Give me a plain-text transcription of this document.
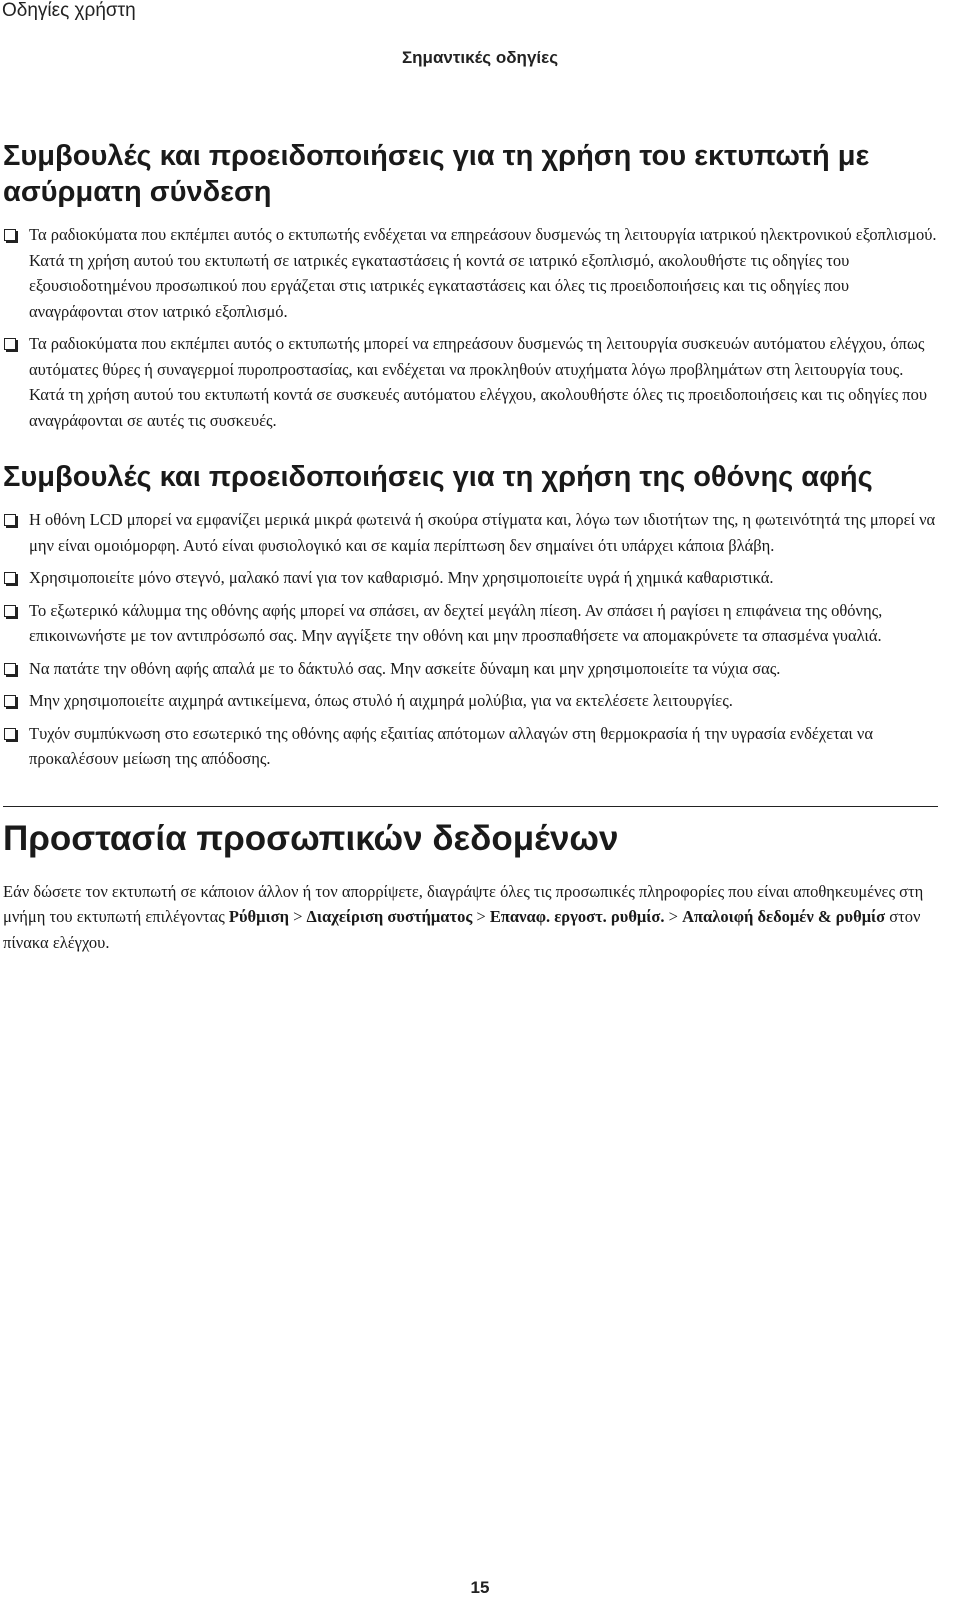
Οδηγίες χρήστη
Σημαντικές οδηγίες
Συμβουλές και προειδοποιήσεις για τη χρήση του εκτυπωτή με ασύρματη σύνδεση
Τα ραδιοκύματα που εκπέμπει αυτός ο εκτυπωτής ενδέχεται να επηρεάσουν δυσμενώς τη λειτουργία ιατρικού ηλεκτρονικού εξοπλισμού. Κατά τη χρήση αυτού του εκτυπωτή σε ιατρικές εγκαταστάσεις ή κοντά σε ιατρικό εξοπλισμό, ακολουθήστε τις οδηγίες του εξουσιοδοτημένου προσωπικού που εργάζεται στις ιατρικές εγκαταστάσεις και όλες τις προειδοποιήσεις και τις οδηγίες που αναγράφονται στον ιατρικό εξοπλισμό.
Τα ραδιοκύματα που εκπέμπει αυτός ο εκτυπωτής μπορεί να επηρεάσουν δυσμενώς τη λειτουργία συσκευών αυτόματου ελέγχου, όπως αυτόματες θύρες ή συναγερμοί πυροπροστασίας, και ενδέχεται να προκληθούν ατυχήματα λόγω προβλημάτων στη λειτουργία τους. Κατά τη χρήση αυτού του εκτυπωτή κοντά σε συσκευές αυτόματου ελέγχου, ακολουθήστε όλες τις προειδοποιήσεις και τις οδηγίες που αναγράφονται σε αυτές τις συσκευές.
Συμβουλές και προειδοποιήσεις για τη χρήση της οθόνης αφής
Η οθόνη LCD μπορεί να εμφανίζει μερικά μικρά φωτεινά ή σκούρα στίγματα και, λόγω των ιδιοτήτων της, η φωτεινότητά της μπορεί να μην είναι ομοιόμορφη. Αυτό είναι φυσιολογικό και σε καμία περίπτωση δεν σημαίνει ότι υπάρχει κάποια βλάβη.
Χρησιμοποιείτε μόνο στεγνό, μαλακό πανί για τον καθαρισμό. Μην χρησιμοποιείτε υγρά ή χημικά καθαριστικά.
Το εξωτερικό κάλυμμα της οθόνης αφής μπορεί να σπάσει, αν δεχτεί μεγάλη πίεση. Αν σπάσει ή ραγίσει η επιφάνεια της οθόνης, επικοινωνήστε με τον αντιπρόσωπό σας. Μην αγγίξετε την οθόνη και μην προσπαθήσετε να απομακρύνετε τα σπασμένα γυαλιά.
Να πατάτε την οθόνη αφής απαλά με το δάκτυλό σας. Μην ασκείτε δύναμη και μην χρησιμοποιείτε τα νύχια σας.
Μην χρησιμοποιείτε αιχμηρά αντικείμενα, όπως στυλό ή αιχμηρά μολύβια, για να εκτελέσετε λειτουργίες.
Τυχόν συμπύκνωση στο εσωτερικό της οθόνης αφής εξαιτίας απότομων αλλαγών στη θερμοκρασία ή την υγρασία ενδέχεται να προκαλέσουν μείωση της απόδοσης.
Προστασία προσωπικών δεδομένων

Εάν δώσετε τον εκτυπωτή σε κάποιον άλλον ή τον απορρίψετε, διαγράψτε όλες τις προσωπικές πληροφορίες που είναι αποθηκευμένες στη μνήμη του εκτυπωτή επιλέγοντας Ρύθμιση > Διαχείριση συστήματος > Επαναφ. εργοστ. ρυθμίσ. > Απαλοιφή δεδομέν & ρυθμίσ στον πίνακα ελέγχου.

15
